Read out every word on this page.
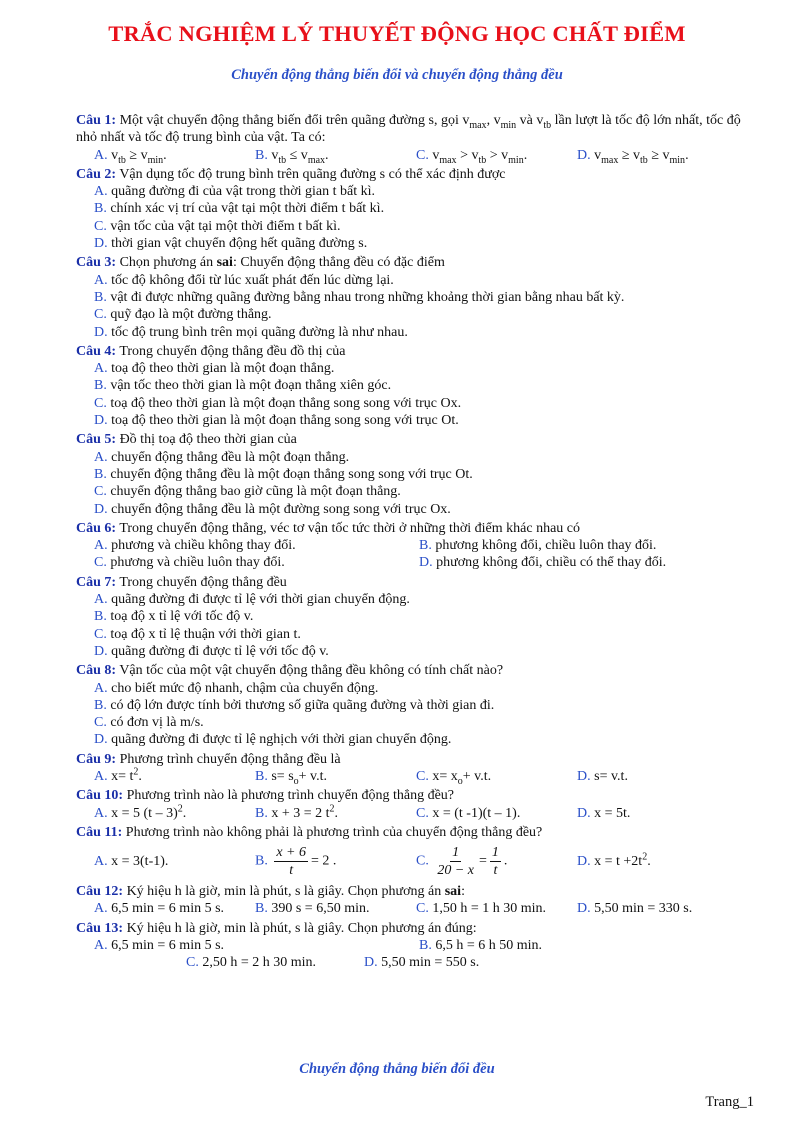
TRẮC NGHIỆM LÝ THUYẾT ĐỘNG HỌC CHẤT ĐIỂM
Chuyển động thẳng biến đổi và chuyển động thẳng đều
Câu 1: Một vật chuyển động thẳng biến đổi trên quãng đường s, gọi $v_{max}$, $v_{min}$ và $v_{tb}$ lần lượt là tốc độ lớn nhất, tốc độ nhỏ nhất và tốc độ trung bình của vật. Ta có:
A. $v_{tb} \ge v_{min}$.	B. $v_{tb} \le v_{max}$.	C. $v_{max} > v_{tb} > v_{min}$.	D. $v_{max} \ge v_{tb} \ge v_{min}$.
Câu 2: Vận dụng tốc độ trung bình trên quãng đường s có thể xác định được
A. quãng đường đi của vật trong thời gian t bất kì.
B. chính xác vị trí của vật tại một thời điểm t bất kì.
C. vận tốc của vật tại một thời điểm t bất kì.
D. thời gian vật chuyển động hết quãng đường s.
Câu 3: Chọn phương án sai: Chuyển động thẳng đều có đặc điểm
A. tốc độ không đổi từ lúc xuất phát đến lúc dừng lại.
B. vật đi được những quãng đường bằng nhau trong những khoảng thời gian bằng nhau bất kỳ.
C. quỹ đạo là một đường thẳng.
D. tốc độ trung bình trên mọi quãng đường là như nhau.
Câu 4: Trong chuyển động thẳng đều đồ thị của
A. toạ độ theo thời gian là một đoạn thẳng.
B. vận tốc theo thời gian là một đoạn thẳng xiên góc.
C. toạ độ theo thời gian là một đoạn thẳng song song với trục Ox.
D. toạ độ theo thời gian là một đoạn thẳng song song với trục Ot.
Câu 5: Đồ thị toạ độ theo thời gian của
A. chuyển động thẳng đều là một đoạn thẳng.
B. chuyển động thẳng đều là một đoạn thẳng song song với trục Ot.
C. chuyển động thẳng bao giờ cũng là một đoạn thẳng.
D. chuyển động thẳng đều là một đường song song với trục Ox.
Câu 6: Trong chuyển động thẳng, véc tơ vận tốc tức thời ở những thời điểm khác nhau có
A. phương và chiều không thay đổi.	B. phương không đổi, chiều luôn thay đổi.
C. phương và chiều luôn thay đổi.	D. phương không đổi, chiều có thể thay đổi.
Câu 7: Trong chuyển động thẳng đều
A. quãng đường đi được tỉ lệ với thời gian chuyển động.
B. toạ độ x tỉ lệ với tốc độ v.
C. toạ độ x tỉ lệ thuận với thời gian t.
D. quãng đường đi được tỉ lệ với tốc độ v.
Câu 8: Vận tốc của một vật chuyển động thẳng đều không có tính chất nào?
A. cho biết mức độ nhanh, chậm của chuyển động.
B. có độ lớn được tính bởi thương số giữa quãng đường và thời gian đi.
C. có đơn vị là m/s.
D. quãng đường đi được tỉ lệ nghịch với thời gian chuyển động.
Câu 9: Phương trình chuyển động thẳng đều là
A. $x= t^2$.	B. $s= s_o+ v.t$.	C. $x= x_o+ v.t$.	D. s= v.t.
Câu 10: Phương trình nào là phương trình chuyển động thẳng đều?
A. x = 5 (t – 3)$^2$.	B. x + 3 = 2 $t^2$.	C. x = (t -1)(t – 1).	D. x = 5t.
Câu 11: Phương trình nào không phải là phương trình của chuyển động thẳng đều?
A. x = 3(t-1).	B. $\frac{x + 6}{t} = 2$ .	C. $\frac{1}{20 - x} = \frac{1}{t}$ .	D. $x = t +2t^2$.
Câu 12: Ký hiệu h là giờ, min là phút, s là giây. Chọn phương án sai:
A. 6,5 min = 6 min 5 s.	B. 390 s = 6,50 min.	C. 1,50 h = 1 h 30 min.	D. 5,50 min = 330 s.
Câu 13: Ký hiệu h là giờ, min là phút, s là giây. Chọn phương án đúng:
A. 6,5 min = 6 min 5 s.	B. 6,5 h = 6 h 50 min.
C. 2,50 h = 2 h 30 min.	D. 5,50 min = 550 s.
Chuyển động thẳng biến đổi đều
Trang_1
